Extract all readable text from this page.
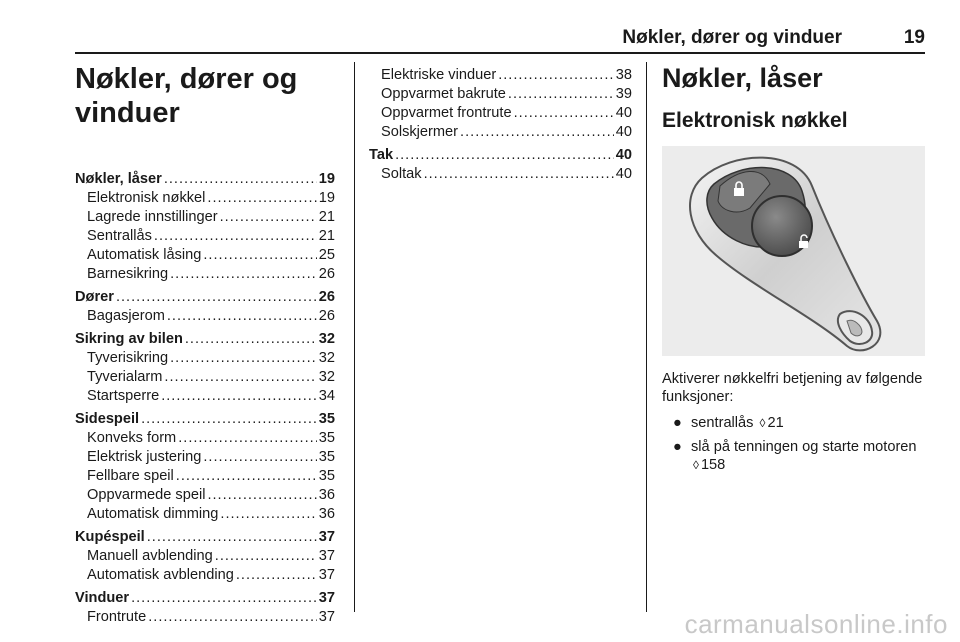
Nøkler, dører og vinduer	19
Nøkler, dører og
vinduer
Nøkler, låser .....	19
Elektronisk nøkkel .....	19
Lagrede innstillinger .....	21
Sentrallås .....	21
Automatisk låsing .....	25
Barnesikring .....	26
Dører .....	26
Bagasjerom .....	26
Sikring av bilen .....	32
Tyverisikring .....	32
Tyverialarm .....	32
Startsperre .....	34
Sidespeil .....	35
Konveks form .....	35
Elektrisk justering .....	35
Fellbare speil .....	35
Oppvarmede speil .....	36
Automatisk dimming .....	36
Kupéspeil .....	37
Manuell avblending .....	37
Automatisk avblending .....	37
Vinduer .....	37
Frontrute .....	37
Elektriske vinduer .....	38
Oppvarmet bakrute .....	39
Oppvarmet frontrute .....	40
Solskjermer .....	40
Tak .....	40
Soltak .....	40
Nøkler, låser
Elektronisk nøkkel

Aktiverer nøkkelfri betjening av følgende funksjoner:

● sentrallås ◊ 21
● slå på tenningen og starte motoren ◊ 158
carmanualsonline.info
